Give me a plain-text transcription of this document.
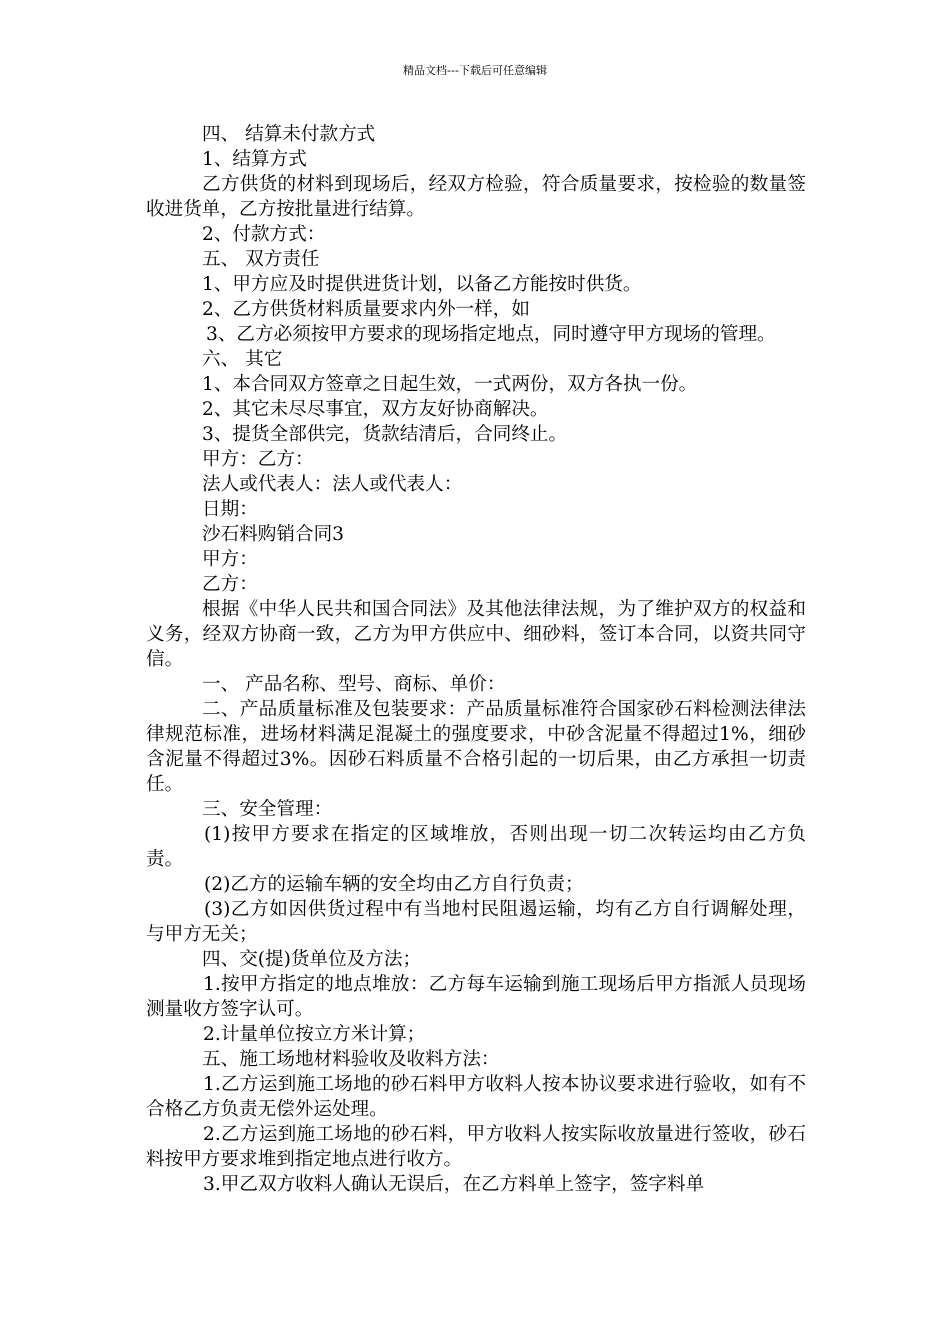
精品文档---下载后可任意编辑

四、 结算未付款方式

1、结算方式

乙方供货的材料到现场后，经双方检验，符合质量要求，按检验的数量签收进货单，乙方按批量进行结算。

2、付款方式：

五、 双方责任

1、甲方应及时提供进货计划，以备乙方能按时供货。

2、乙方供货材料质量要求内外一样，如

3、乙方必须按甲方要求的现场指定地点，同时遵守甲方现场的管理。

六、 其它

1、本合同双方签章之日起生效，一式两份，双方各执一份。

2、其它未尽尽事宜，双方友好协商解决。

3、提货全部供完，货款结清后，合同终止。

甲方：乙方：

法人或代表人：法人或代表人：

日期：

沙石料购销合同3

甲方：

乙方：

根据《中华人民共和国合同法》及其他法律法规，为了维护双方的权益和义务，经双方协商一致，乙方为甲方供应中、细砂料，签订本合同，以资共同守信。

一、 产品名称、型号、商标、单价：

二、产品质量标准及包装要求：产品质量标准符合国家砂石料检测法律法律规范标准，进场材料满足混凝土的强度要求，中砂含泥量不得超过1%，细砂含泥量不得超过3%。因砂石料质量不合格引起的一切后果，由乙方承担一切责任。

三、安全管理：

(1)按甲方要求在指定的区域堆放，否则出现一切二次转运均由乙方负责。

(2)乙方的运输车辆的安全均由乙方自行负责；

(3)乙方如因供货过程中有当地村民阻遏运输，均有乙方自行调解处理，与甲方无关；

四、交(提)货单位及方法；

1.按甲方指定的地点堆放：乙方每车运输到施工现场后甲方指派人员现场测量收方签字认可。

2.计量单位按立方米计算；

五、施工场地材料验收及收料方法：

1.乙方运到施工场地的砂石料甲方收料人按本协议要求进行验收，如有不合格乙方负责无偿外运处理。

2.乙方运到施工场地的砂石料，甲方收料人按实际收放量进行签收，砂石料按甲方要求堆到指定地点进行收方。

3.甲乙双方收料人确认无误后，在乙方料单上签字，签字料单
